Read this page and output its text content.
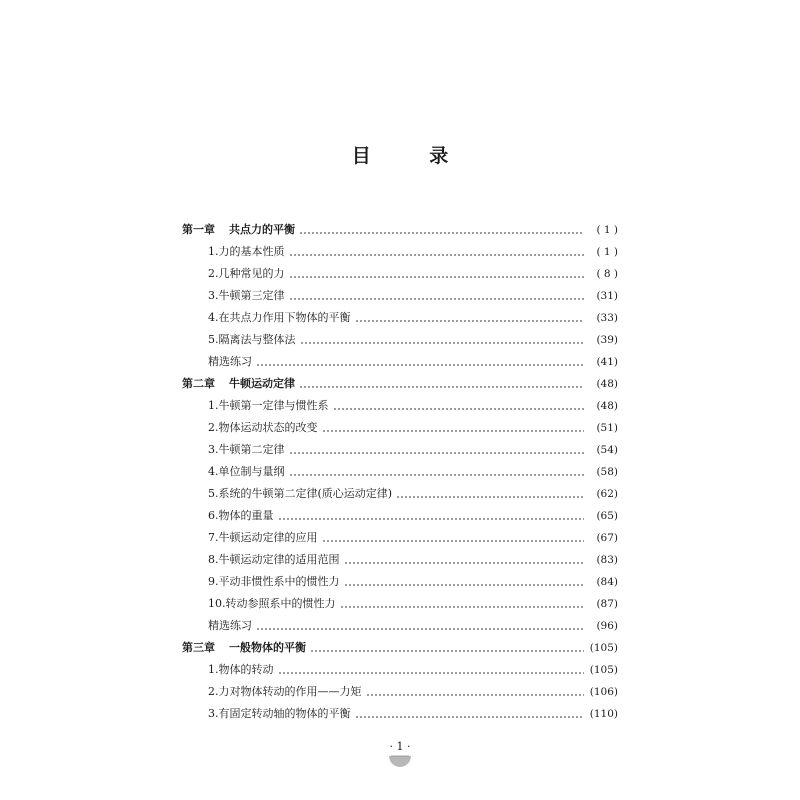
目 录
第一章 共点力的平衡	( 1 )
1.力的基本性质	( 1 )
2.几种常见的力	( 8 )
3.牛顿第三定律	(31)
4.在共点力作用下物体的平衡	(33)
5.隔离法与整体法	(39)
精选练习	(41)
第二章 牛顿运动定律	(48)
1.牛顿第一定律与惯性系	(48)
2.物体运动状态的改变	(51)
3.牛顿第二定律	(54)
4.单位制与量纲	(58)
5.系统的牛顿第二定律(质心运动定律)	(62)
6.物体的重量	(65)
7.牛顿运动定律的应用	(67)
8.牛顿运动定律的适用范围	(83)
9.平动非惯性系中的惯性力	(84)
10.转动参照系中的惯性力	(87)
精选练习	(96)
第三章 一般物体的平衡	(105)
1.物体的转动	(105)
2.力对物体转动的作用——力矩	(106)
3.有固定转动轴的物体的平衡	(110)
· 1 ·
